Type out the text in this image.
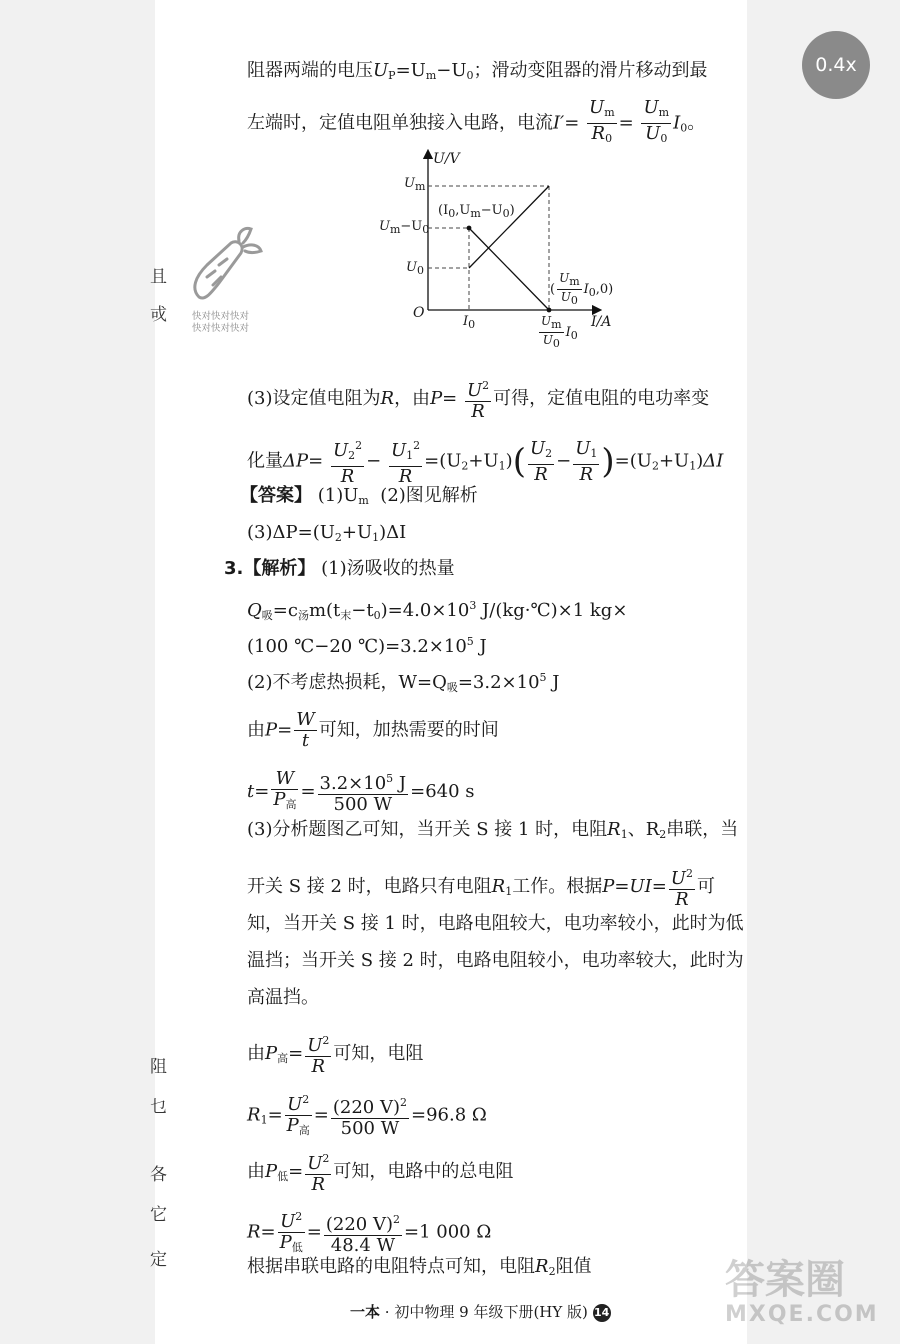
0.4x
且
戓
阻
乜
各
它
定
阻器两端的电压$U_P=U_m-U_0$；滑动变阻器的滑片移动到最
左端时，定值电阻单独接入电路，电流$I'= \frac{U_m}{R_0} = \frac{U_m}{U_0} I_0$。
U/V
I/A
O
$U_m$
$U_m-U_0$
$U_0$
$I_0$
$(I_0,U_m-U_0)$
( $\frac{U_m}{U_0} I_0,0$)
$\frac{U_m}{U_0} I_0$
快对快对快对
快对快对快对
(3)设定值电阻为R，由$P= \frac{U^2}{R}$ 可得，定值电阻的电功率变
化量$\Delta P= \frac{U_2^2}{R} - \frac{U_1^2}{R} =(U_2+U_1)( \frac{U_2}{R} - \frac{U_1}{R} )=(U_2+U_1)\Delta I$
【答案】 $(1)U_m$ (2)图见解析
$(3)\Delta P=(U_2+U_1)\Delta I$
3.【解析】 (1)汤吸收的热量
$Q_吸=c_汤m(t_末-t_0)=4.0\times 10^3$ J/(kg·℃)×1 kg×
(100 ℃−20 $℃)=3.2\times 10^5$ J
(2)不考虑热损耗，$W=Q_吸=3.2\times 10^5$ J
由$P= \frac{W}{t}$ 可知，加热需要的时间
t=
W
$P_高$
= $\frac{3.2\times 10^5 J}{500 W} =640$ s
(3)分析题图乙可知，当开关 S 接 1 时，电阻$R_1$、$R_2$串联，当
开关 S 接 2 时，电路只有电阻$R_1$工作。根据$P=UI= \frac{U^2}{R}$ 可
知，当开关 S 接 1 时，电路电阻较大，电功率较小，此时为低
温挡；当开关 S 接 2 时，电路电阻较小，电功率较大，此时为
高温挡。
由$P_高= \frac{U^2}{R}$ 可知，电阻
$R_1= U^2$
$P_高$
= $\frac{(220 V)^2}{500 W} =96.8$ Ω
由$P_低= \frac{U^2}{R}$ 可知，电路中的总电阻
$R= U^2$
$P_低$
= $\frac{(220 V)^2}{48.4 W} =1$ 000 Ω
根据串联电路的电阻特点可知，电阻$R_2$阻值
一本 · 初中物理 9 年级下册(HY 版) 14
答案圈
MXQE.COM
